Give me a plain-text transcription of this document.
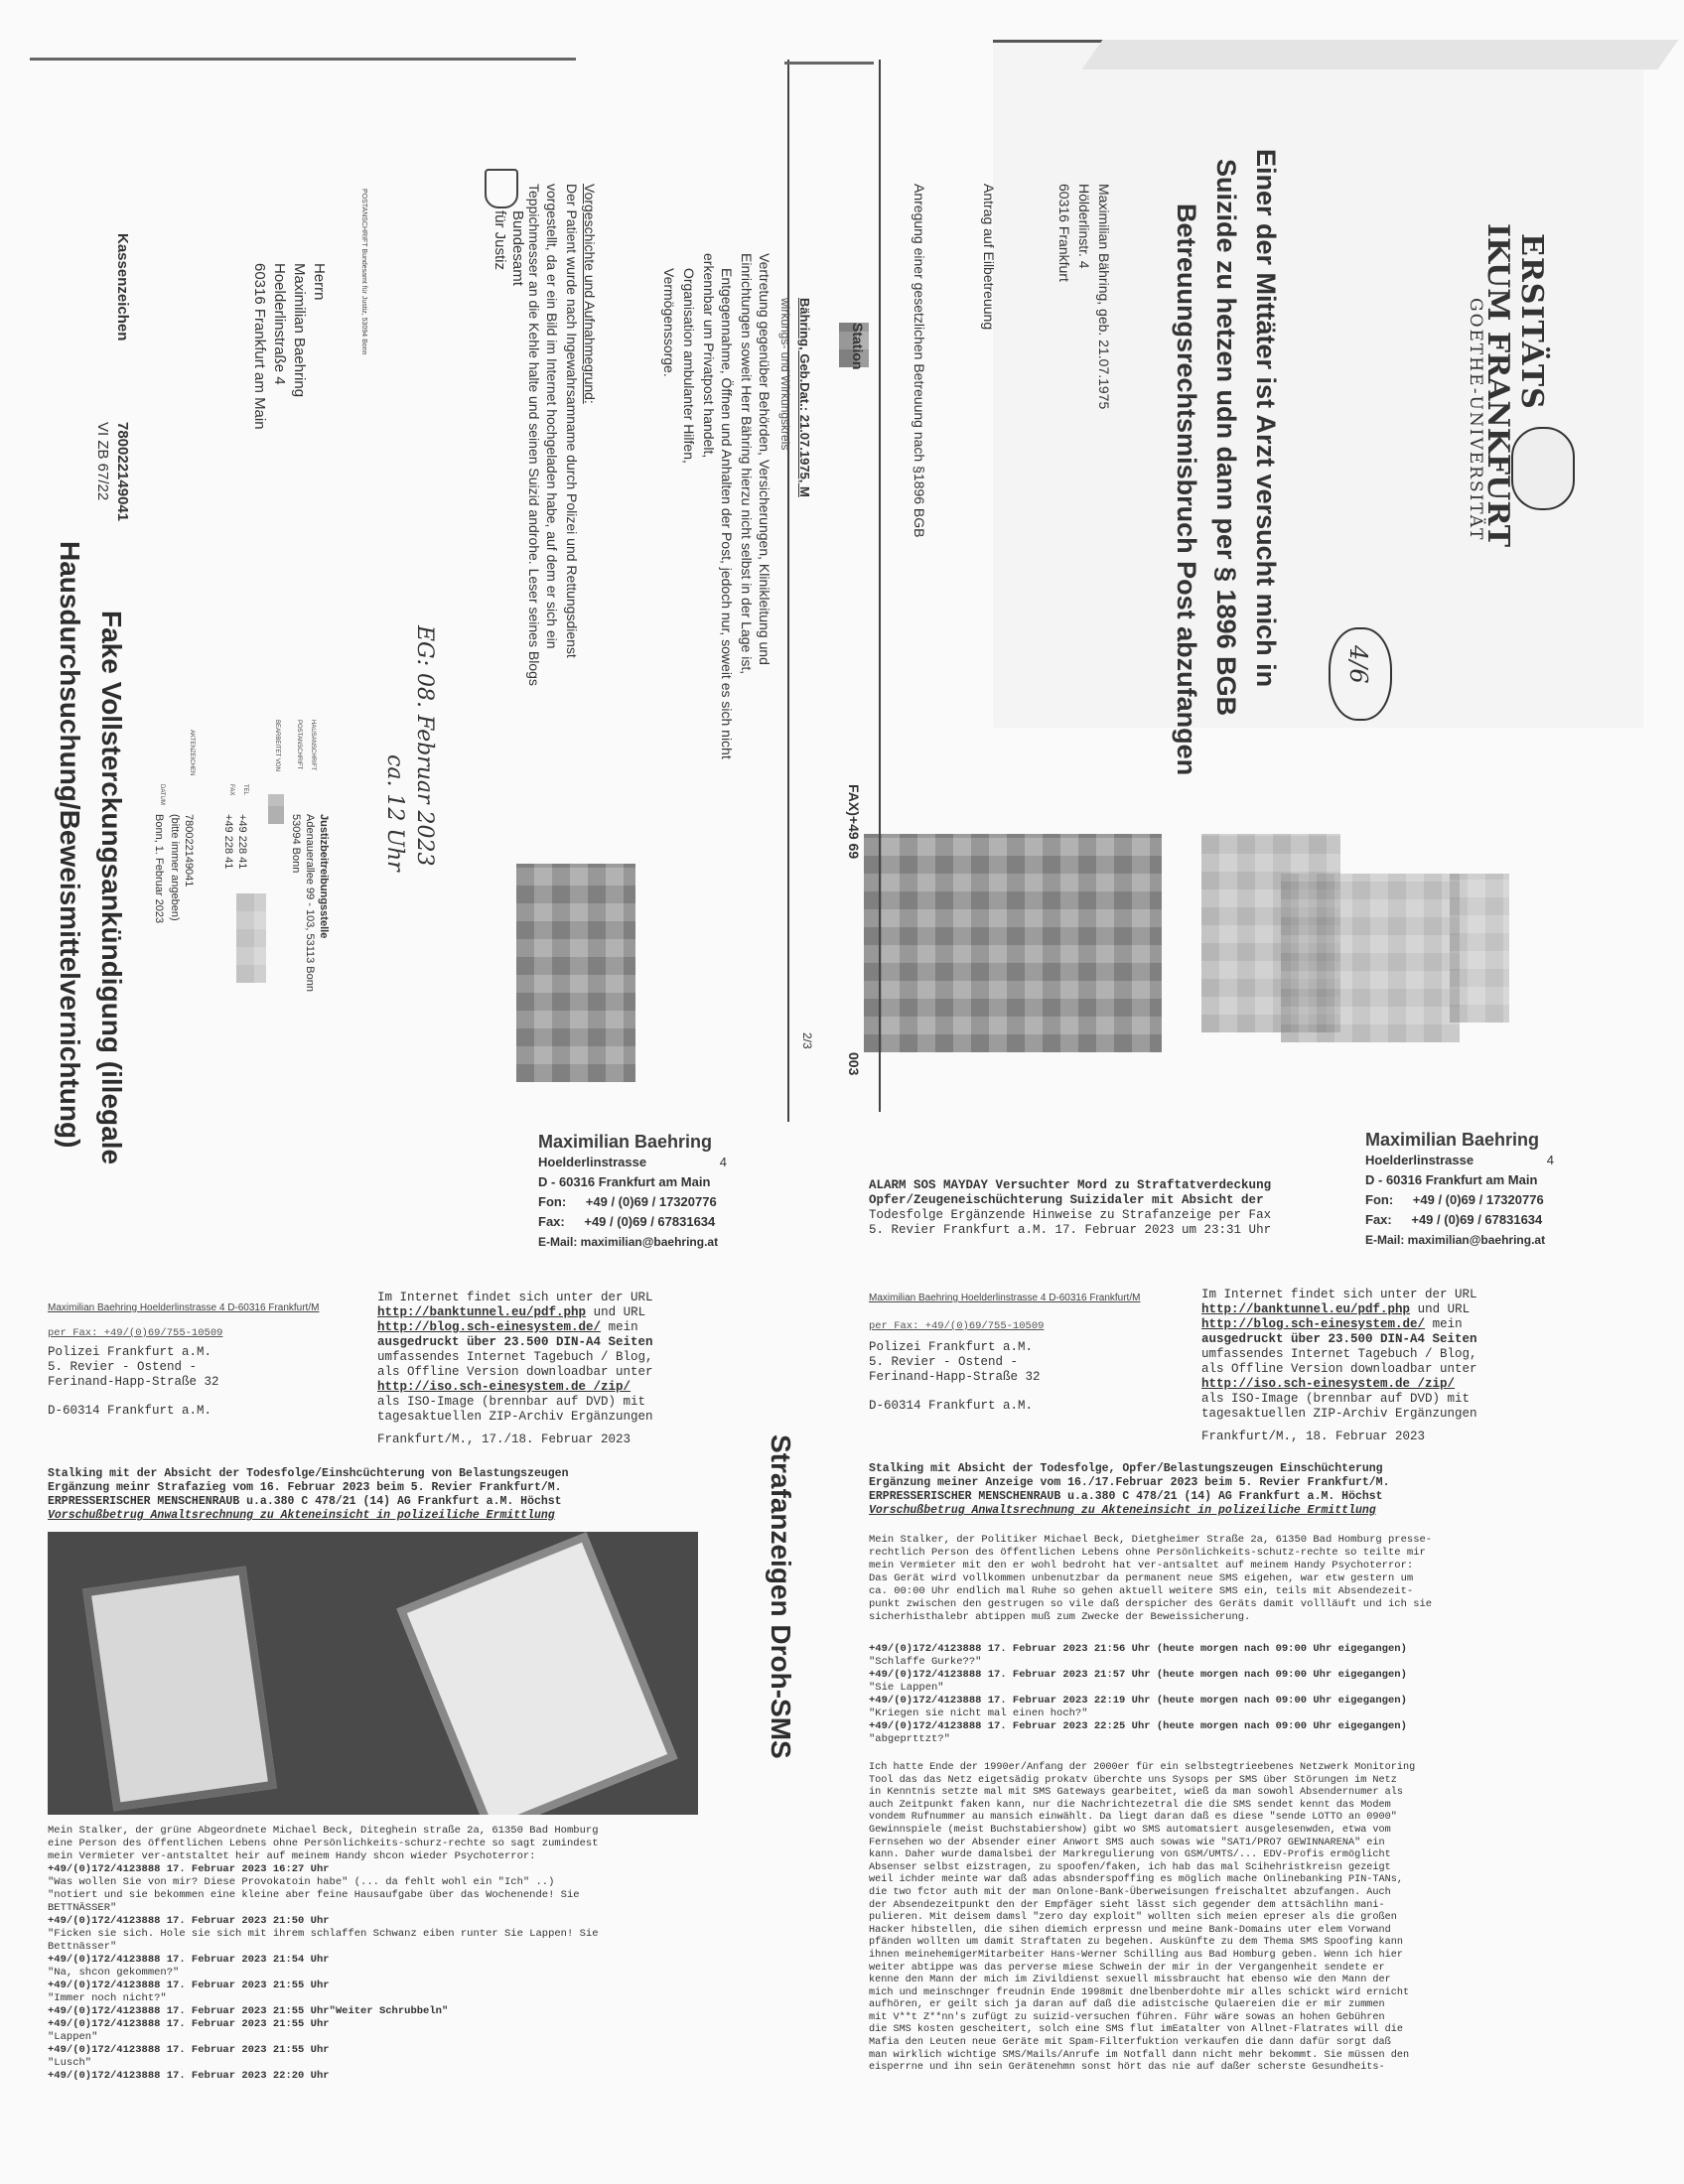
ERSITÄTS
IKUM FRANKFURT
GOETHE-UNIVERSITÄT
Einer der Mittäter ist Arzt versucht mich in
Suizide zu hetzen udn dann per § 1896 BGB
Betreuungsrechtsmisbruch Post abzufangen	4/6
Maximilian Bähring, geb. 21.07.1975
Hölderlinstr. 4
60316 Frankfurt
Antrag auf Eilbetreuung
Anregung einer gesetzlichen Betreuung nach §1896 BGB
Station
FAX)+49 69
003
2/3
Bähring, Geb.Dat.: 21.07.1975, M
wirkungs- und Wirkungskreis
Vertretung gegenüber Behörden, Versicherungen, Klinikleitung und
Einrichtungen soweit Herr Bähring hierzu nicht selbst in der Lage ist,
Entgegennahme, Öffnen und Anhalten der Post, jedoch nur, soweit es sich nicht
erkennbar um Privatpost handelt,
Organisation ambulanter Hilfen,
Vermögenssorge.
Vorgeschichte und Aufnahmegrund:
Der Patient wurde nach Ingewahrsamname durch Polizei und Rettungsdienst
vorgestellt, da er ein Bild im Internet hochgeladen habe, auf dem er sich ein
Teppichmesser an die Kehle halte und seinen Suizid androhe. Leser seines Blogs
Bundesamt
für Justiz
POSTANSCHRIFT Bundesamt für Justiz, 53094 Bonn
Herrn
Maximilian Baehring
Hoelderlinstraße 4
60316 Frankfurt am Main
Kassenzeichen
780022149041
VI ZB 67/22
Justizbeitreibungsstelle
HAUSANSCHRIFT
Adenauerallee 99 - 103, 53113 Bonn
POSTANSCHRIFT
53094 Bonn
BEARBEITET VON
TEL
+49 228 41
FAX
+49 228 41
AKTENZEICHEN
780022149041
(bitte immer angeben)
DATUM
Bonn, 1. Februar 2023
EG: 08. Februar 2023
ca. 12 Uhr
Fake Vollsterckungsankündigung (illegale
Hausdurchsuchung/Beweismittelvernichtung)
Strafanzeigen Droh-SMS
Maximilian Baehring
Hoelderlinstrasse	4
D - 60316 Frankfurt am Main
Fon: +49 / (0)69 / 17320776
Fax: +49 / (0)69 / 67831634
E-Mail: maximilian@baehring.at
Maximilian Baehring Hoelderlinstrasse 4 D-60316 Frankfurt/M
per Fax: +49/(0)69/755-10509
Polizei Frankfurt a.M.
5. Revier - Ostend -
Ferinand-Happ-Straße 32
D-60314 Frankfurt a.M.
Im Internet findet sich unter der URL
http://banktunnel.eu/pdf.php und URL
http://blog.sch-einesystem.de/ mein
ausgedruckt über 23.500 DIN-A4 Seiten
umfassendes Internet Tagebuch / Blog,
als Offline Version downloadbar unter
http://iso.sch-einesystem.de /zip/
als ISO-Image (brennbar auf DVD) mit
tagesaktuellen ZIP-Archiv Ergänzungen
Frankfurt/M., 17./18. Februar 2023
Stalking mit der Absicht der Todesfolge/Einshcüchterung von Belastungszeugen
Ergänzung meinr Strafazieg vom 16. Februar 2023 beim 5. Revier Frankfurt/M.
ERPRESSERISCHER MENSCHENRAUB u.a.380 C 478/21 (14) AG Frankfurt a.M. Höchst
Vorschußbetrug Anwaltsrechnung zu Akteneinsicht in polizeiliche Ermittlung
Mein Stalker, der grüne Abgeordnete Michael Beck, Diteghein straße 2a, 61350 Bad Homburg
eine Person des öffentlichen Lebens ohne Persönlichkeits-schurz-rechte so sagt zumindest
mein Vermieter ver-antstaltet heir auf meinem Handy shcon wieder Psychoterror:
+49/(0)172/4123888 17. Februar 2023 16:27 Uhr
"Was wollen Sie von mir? Diese Provokatoin habe" (... da fehlt wohl ein "Ich" ..)
"notiert und sie bekommen eine kleine aber feine Hausaufgabe über das Wochenende! Sie
BETTNÄSSER"
+49/(0)172/4123888 17. Februar 2023 21:50 Uhr
"Ficken sie sich. Hole sie sich mit ihrem schlaffen Schwanz eiben runter Sie Lappen! Sie
Bettnässer"
+49/(0)172/4123888 17. Februar 2023 21:54 Uhr
"Na, shcon gekommen?"
+49/(0)172/4123888 17. Februar 2023 21:55 Uhr
"Immer noch nicht?"
+49/(0)172/4123888 17. Februar 2023 21:55 Uhr"Weiter Schrubbeln"
+49/(0)172/4123888 17. Februar 2023 21:55 Uhr
"Lappen"
+49/(0)172/4123888 17. Februar 2023 21:55 Uhr
"Lusch"
+49/(0)172/4123888 17. Februar 2023 22:20 Uhr
Maximilian Baehring
Hoelderlinstrasse	4
D - 60316 Frankfurt am Main
Fon: +49 / (0)69 / 17320776
Fax: +49 / (0)69 / 67831634
E-Mail: maximilian@baehring.at
ALARM SOS MAYDAY Versuchter Mord zu Straftatverdeckung
Opfer/Zeugeneischüchterung Suizidaler mit Absicht der
Todesfolge Ergänzende Hinweise zu Strafanzeige per Fax
5. Revier Frankfurt a.M. 17. Februar 2023 um 23:31 Uhr
Maximilian Baehring Hoelderlinstrasse 4 D-60316 Frankfurt/M
per Fax: +49/(0)69/755-10509
Polizei Frankfurt a.M.
5. Revier - Ostend -
Ferinand-Happ-Straße 32
D-60314 Frankfurt a.M.
Im Internet findet sich unter der URL
http://banktunnel.eu/pdf.php und URL
http://blog.sch-einesystem.de/ mein
ausgedruckt über 23.500 DIN-A4 Seiten
umfassendes Internet Tagebuch / Blog,
als Offline Version downloadbar unter
http://iso.sch-einesystem.de /zip/
als ISO-Image (brennbar auf DVD) mit
tagesaktuellen ZIP-Archiv Ergänzungen
Frankfurt/M., 18. Februar 2023
Stalking mit Absicht der Todesfolge, Opfer/Belastungszeugen Einschüchterung
Ergänzung meiner Anzeige vom 16./17.Februar 2023 beim 5. Revier Frankfurt/M.
ERPRESSERISCHER MENSCHENRAUB u.a.380 C 478/21 (14) AG Frankfurt a.M. Höchst
Vorschußbetrug Anwaltsrechnung zu Akteneinsicht in polizeiliche Ermittlung
Mein Stalker, der Politiker Michael Beck, Dietgheimer Straße 2a, 61350 Bad Homburg presse-
rechtlich Person des öffentlichen Lebens ohne Persönlichkeits-schutz-rechte so teilte mir
mein Vermieter mit den er wohl bedroht hat ver-antsaltet auf meinem Handy Psychoterror:
Das Gerät wird vollkommen unbenutzbar da permanent neue SMS eigehen, war etw gestern um
ca. 00:00 Uhr endlich mal Ruhe so gehen aktuell weitere SMS ein, teils mit Absendezeit-
punkt zwischen den gestrugen so vile daß derspicher des Geräts damit vollläuft und ich sie
sicherhisthalebr abtippen muß zum Zwecke der Beweissicherung.
+49/(0)172/4123888 17. Februar 2023 21:56 Uhr (heute morgen nach 09:00 Uhr eigegangen)
"Schlaffe Gurke??"
+49/(0)172/4123888 17. Februar 2023 21:57 Uhr (heute morgen nach 09:00 Uhr eigegangen)
"Sie Lappen"
+49/(0)172/4123888 17. Februar 2023 22:19 Uhr (heute morgen nach 09:00 Uhr eigegangen)
"Kriegen sie nicht mal einen hoch?"
+49/(0)172/4123888 17. Februar 2023 22:25 Uhr (heute morgen nach 09:00 Uhr eigegangen)
"abgeprttzt?"
Ich hatte Ende der 1990er/Anfang der 2000er für ein selbstegtrieebenes Netzwerk Monitoring
Tool das das Netz eigetsädig prokatv überchte uns Sysops per SMS über Störungen im Netz
in Kenntnis setzte mal mit SMS Gateways gearbeitet, wieß da man sowohl Absendernumer als
auch Zeitpunkt faken kann, nur die Nachrichtezetral die die SMS sendet kennt das Modem
vondem Rufnummer au mansich einwählt. Da liegt daran daß es diese "sende LOTTO an 0900"
Gewinnspiele (meist Buchstabiershow) gibt wo SMS automatsiert ausgelesenwden, etwa vom
Fernsehen wo der Absender einer Anwort SMS auch sowas wie "SAT1/PRO7 GEWINNARENA" ein
kann. Daher wurde damalsbei der Markregulierung von GSM/UMTS/... EDV-Profis ermöglicht
Absenser selbst eizstragen, zu spoofen/faken, ich hab das mal Scihehristkreisn gezeigt
weil ichder meinte war daß adas absnderspoffing es möglich mache Onlinebanking PIN-TANs,
die two fctor auth mit der man Onlone-Bank-Überweisungen freischaltet abzufangen. Auch
der Absendezeitpunkt den der Empfäger sieht lässt sich gegender dem attsächlihn mani-
pulieren. Mit deisem damsl "zero day exploit" wollten sich meien epreser als die großen
Hacker hibstellen, die sihen diemich erpressn und meine Bank-Domains uter elem Vorwand
pfänden wollten um damit Straftaten zu begehen. Auskünfte zu dem Thema SMS Spoofing kann
ihnen meinehemigerMitarbeiter Hans-Werner Schilling aus Bad Homburg geben. Wenn ich hier
weiter abtippe was das perverse miese Schwein der mir in der Vergangenheit sendete er
kenne den Mann der mich im Zivildienst sexuell missbraucht hat ebenso wie den Mann der
mich und meinschnger freudnin Ende 1998mit dnelbenberdohte mir alles schickt wird ernicht
aufhören, er geilt sich ja daran auf daß die adistcische Qulaereien die er mir zummen
mit V**t Z**nn's zufügt zu suizid-versuchen führen. Führ wäre sowas an hohen Gebühren
die SMS kosten gescheitert, solch eine SMS flut imEatalter von Allnet-Flatrates will die
Mafia den Leuten neue Geräte mit Spam-Filterfuktion verkaufen die dann dafür sorgt daß
man wirklich wichtige SMS/Mails/Anrufe im Notfall dann nicht mehr bekommt. Sie müssen den
eisperrne und ihn sein Gerätenehmn sonst hört das nie auf daßer scherste Gesundheits-
